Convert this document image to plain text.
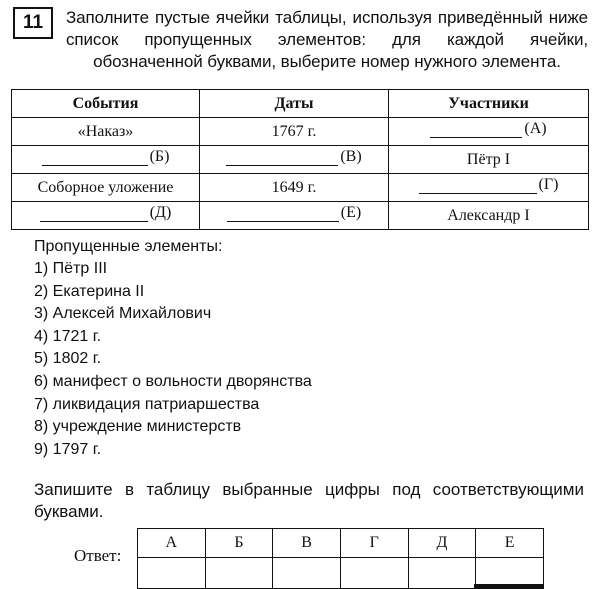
11	Заполните пустые ячейки таблицы, используя приведённый ниже список пропущенных элементов: для каждой ячейки, обозначенной буквами, выберите номер нужного элемента.
События	Даты	Участники
«Наказ»	1767 г.	(А)

(Б)	(В)	Пётр I
Соборное уложение	1649 г.	(Г)

(Д)	(Е)	Александр I
Пропущенные элементы:
1) Пётр III
2) Екатерина II
3) Алексей Михайлович
4) 1721 г.
5) 1802 г.
6) манифест о вольности дворянства
7) ликвидация патриаршества
8) учреждение министерств
9) 1797 г.
Запишите в таблицу выбранные цифры под соответствующими буквами.
Ответ:
А	Б	В	Г	Д	Е
